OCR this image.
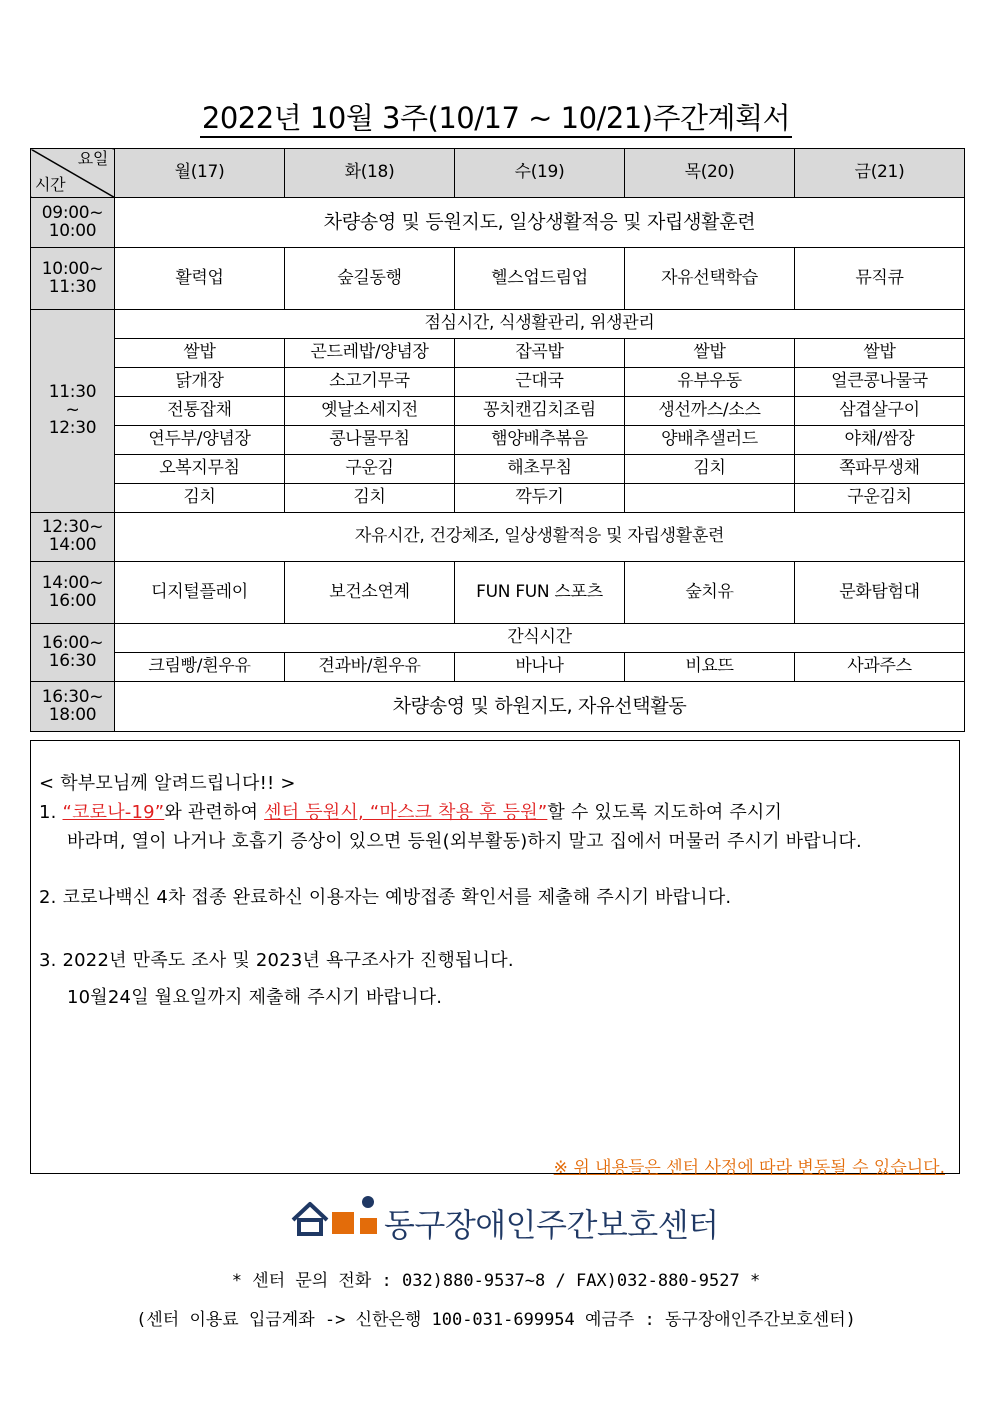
2022년 10월 3주(10/17 ~ 10/21)주간계획서
요일
시간	월(17)	화(18)	수(19)	목(20)	금(21)

09:00~
10:00	차량송영 및 등원지도, 일상생활적응 및 자립생활훈련				

10:00~
11:30	활력업	숲길동행	헬스업드림업	자유선택학습	뮤직큐

11:30
~
12:30	점심시간, 식생활관리, 위생관리				
	쌀밥	곤드레밥/양념장	잡곡밥	쌀밥	쌀밥
	닭개장	소고기무국	근대국	유부우동	얼큰콩나물국
	전통잡채	옛날소세지전	꽁치캔김치조림	생선까스/소스	삼겹살구이
	연두부/양념장	콩나물무침	햄양배추볶음	양배추샐러드	야채/쌈장
	오복지무침	구운김	해초무침	김치	쪽파무생채
	김치	김치	깍두기		구운김치

12:30~
14:00	자유시간, 건강체조, 일상생활적응 및 자립생활훈련				

14:00~
16:00	디지털플레이	보건소연계	FUN FUN 스포츠	숲치유	문화탐험대

16:00~
16:30	간식시간				
	크림빵/흰우유	견과바/흰우유	바나나	비요뜨	사과주스

16:30~
18:00	차량송영 및 하원지도, 자유선택활동				
< 학부모님께 알려드립니다!! >
1. “코로나-19”와 관련하여 센터 등원시, “마스크 착용 후 등원”할 수 있도록 지도하여 주시기
바라며, 열이 나거나 호흡기 증상이 있으면 등원(외부활동)하지 말고 집에서 머물러 주시기 바랍니다.
2. 코로나백신 4차 접종 완료하신 이용자는 예방접종 확인서를 제출해 주시기 바랍니다.
3. 2022년 만족도 조사 및 2023년 욕구조사가 진행됩니다.
10월24일 월요일까지 제출해 주시기 바랍니다.
※ 위 내용들은 센터 사정에 따라 변동될 수 있습니다.
동구장애인주간보호센터
* 센터 문의 전화 : 032)880-9537~8 / FAX)032-880-9527 *
(센터 이용료 입금계좌 -> 신한은행 100-031-699954 예금주 : 동구장애인주간보호센터)
